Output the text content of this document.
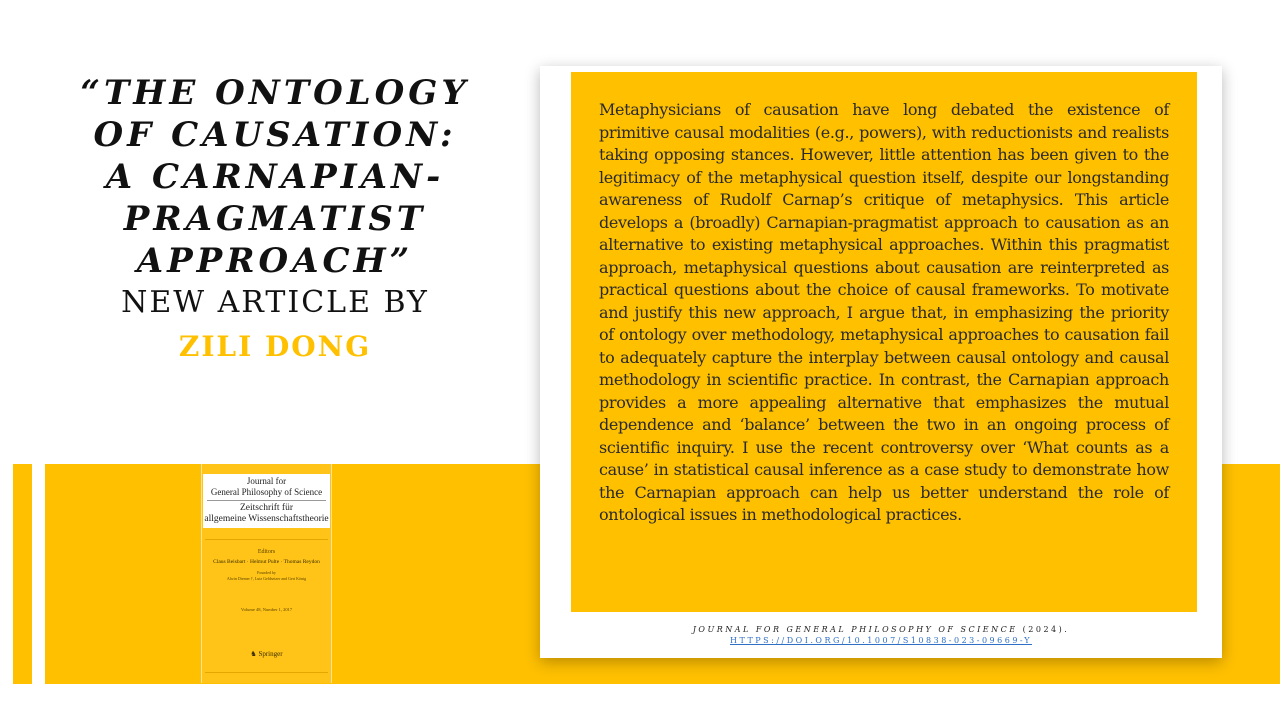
“THE ONTOLOGY
OF CAUSATION:
A CARNAPIAN-
PRAGMATIST
APPROACH”
NEW ARTICLE BY
ZILI DONG
Journal for
General Philosophy of Science
Zeitschrift für
allgemeine Wissenschaftstheorie
Editors
Claus Beisbart · Helmut Pulte · Thomas Reydon
Founded by
Alwin Diemer †, Lutz Geldsetzer and Gert König
Volume 48, Number 1, 2017
♞ Springer

Metaphysicians of causation have long debated the existence of primitive causal modalities (e.g., powers), with reductionists and realists taking opposing stances. However, little attention has been given to the legitimacy of the metaphysical question itself, despite our longstanding awareness of Rudolf Carnap’s critique of metaphysics. This article develops a (broadly) Carnapian-pragmatist approach to causation as an alternative to existing metaphysical approaches. Within this pragmatist approach, metaphysical questions about causation are reinterpreted as practical questions about the choice of causal frameworks. To motivate and justify this new approach, I argue that, in emphasizing the priority of ontology over methodology, metaphysical approaches to causation fail to adequately capture the interplay between causal ontology and causal methodology in scientific practice. In contrast, the Carnapian approach provides a more appealing alternative that emphasizes the mutual dependence and ‘balance’ between the two in an ongoing process of scientific inquiry. I use the recent controversy over ‘What counts as a cause’ in statistical causal inference as a case study to demonstrate how the Carnapian approach can help us better understand the role of ontological issues in methodological practices.

JOURNAL FOR GENERAL PHILOSOPHY OF SCIENCE (2024).
HTTPS://DOI.ORG/10.1007/S10838-023-09669-Y
